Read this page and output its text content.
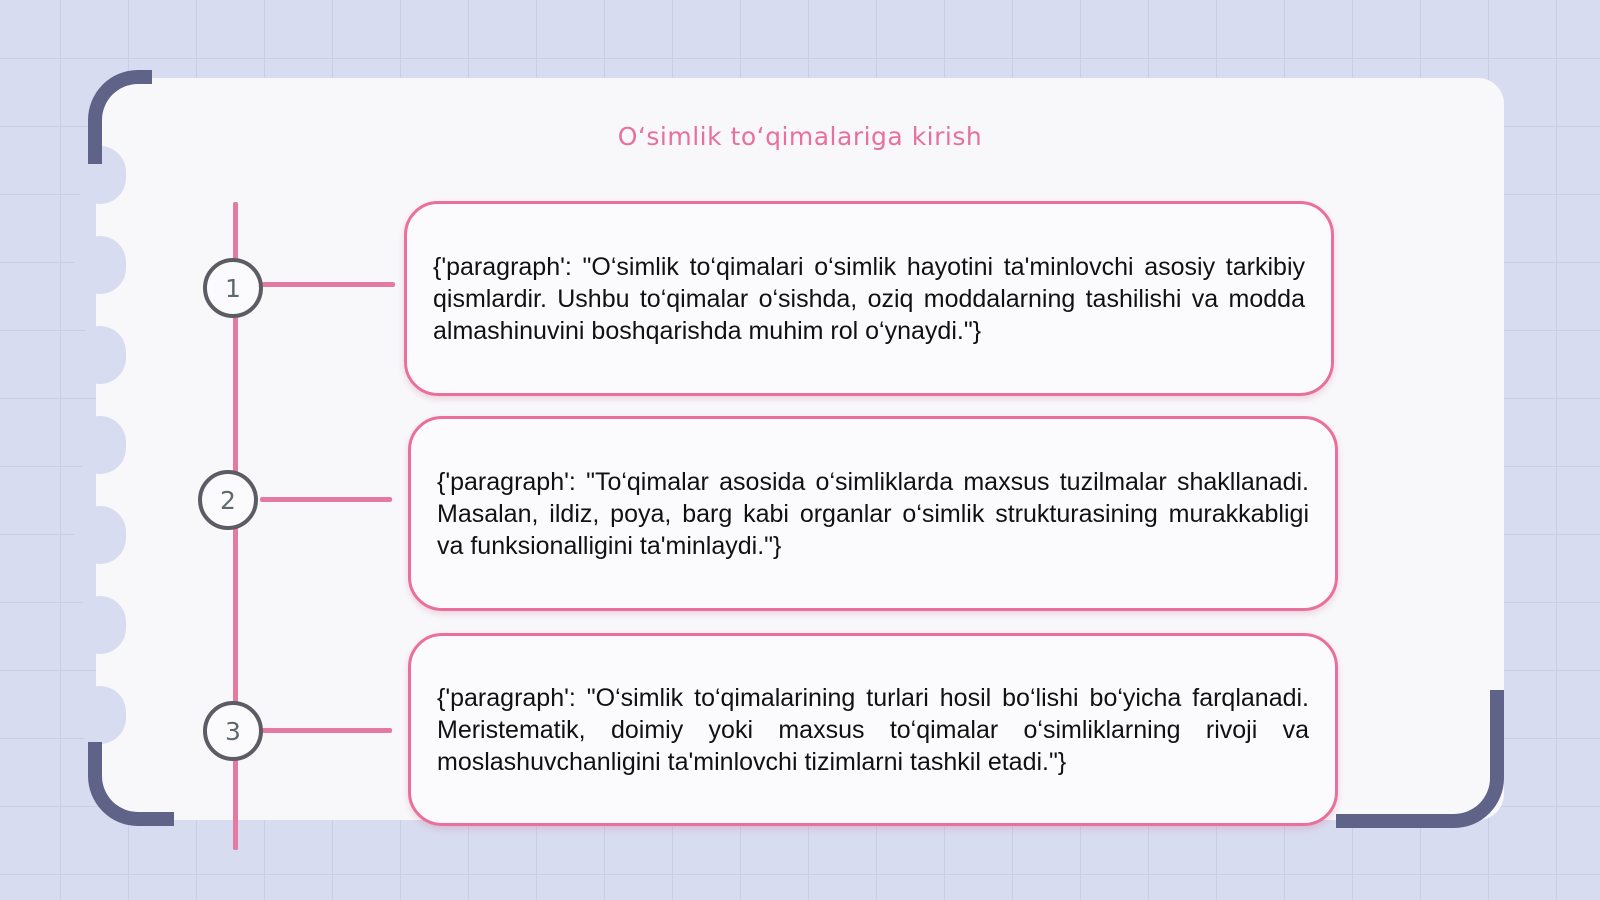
Oʻsimlik toʻqimalariga kirish
1
2
3

{'paragraph': "O‘simlik to‘qimalari o‘simlik hayotini ta'minlovchi asosiy tarkibiy qismlardir. Ushbu to‘qimalar o‘sishda, oziq moddalarning tashilishi va modda almashinuvini boshqarishda muhim rol o‘ynaydi."}

{'paragraph': "To‘qimalar asosida o‘simliklarda maxsus tuzilmalar shakllanadi. Masalan, ildiz, poya, barg kabi organlar o‘simlik strukturasining murakkabligi va funksionalligini ta'minlaydi."}

{'paragraph': "O‘simlik to‘qimalarining turlari hosil bo‘lishi bo‘yicha farqlanadi. Meristematik, doimiy yoki maxsus to‘qimalar o‘simliklarning rivoji va moslashuvchanligini ta'minlovchi tizimlarni tashkil etadi."}
